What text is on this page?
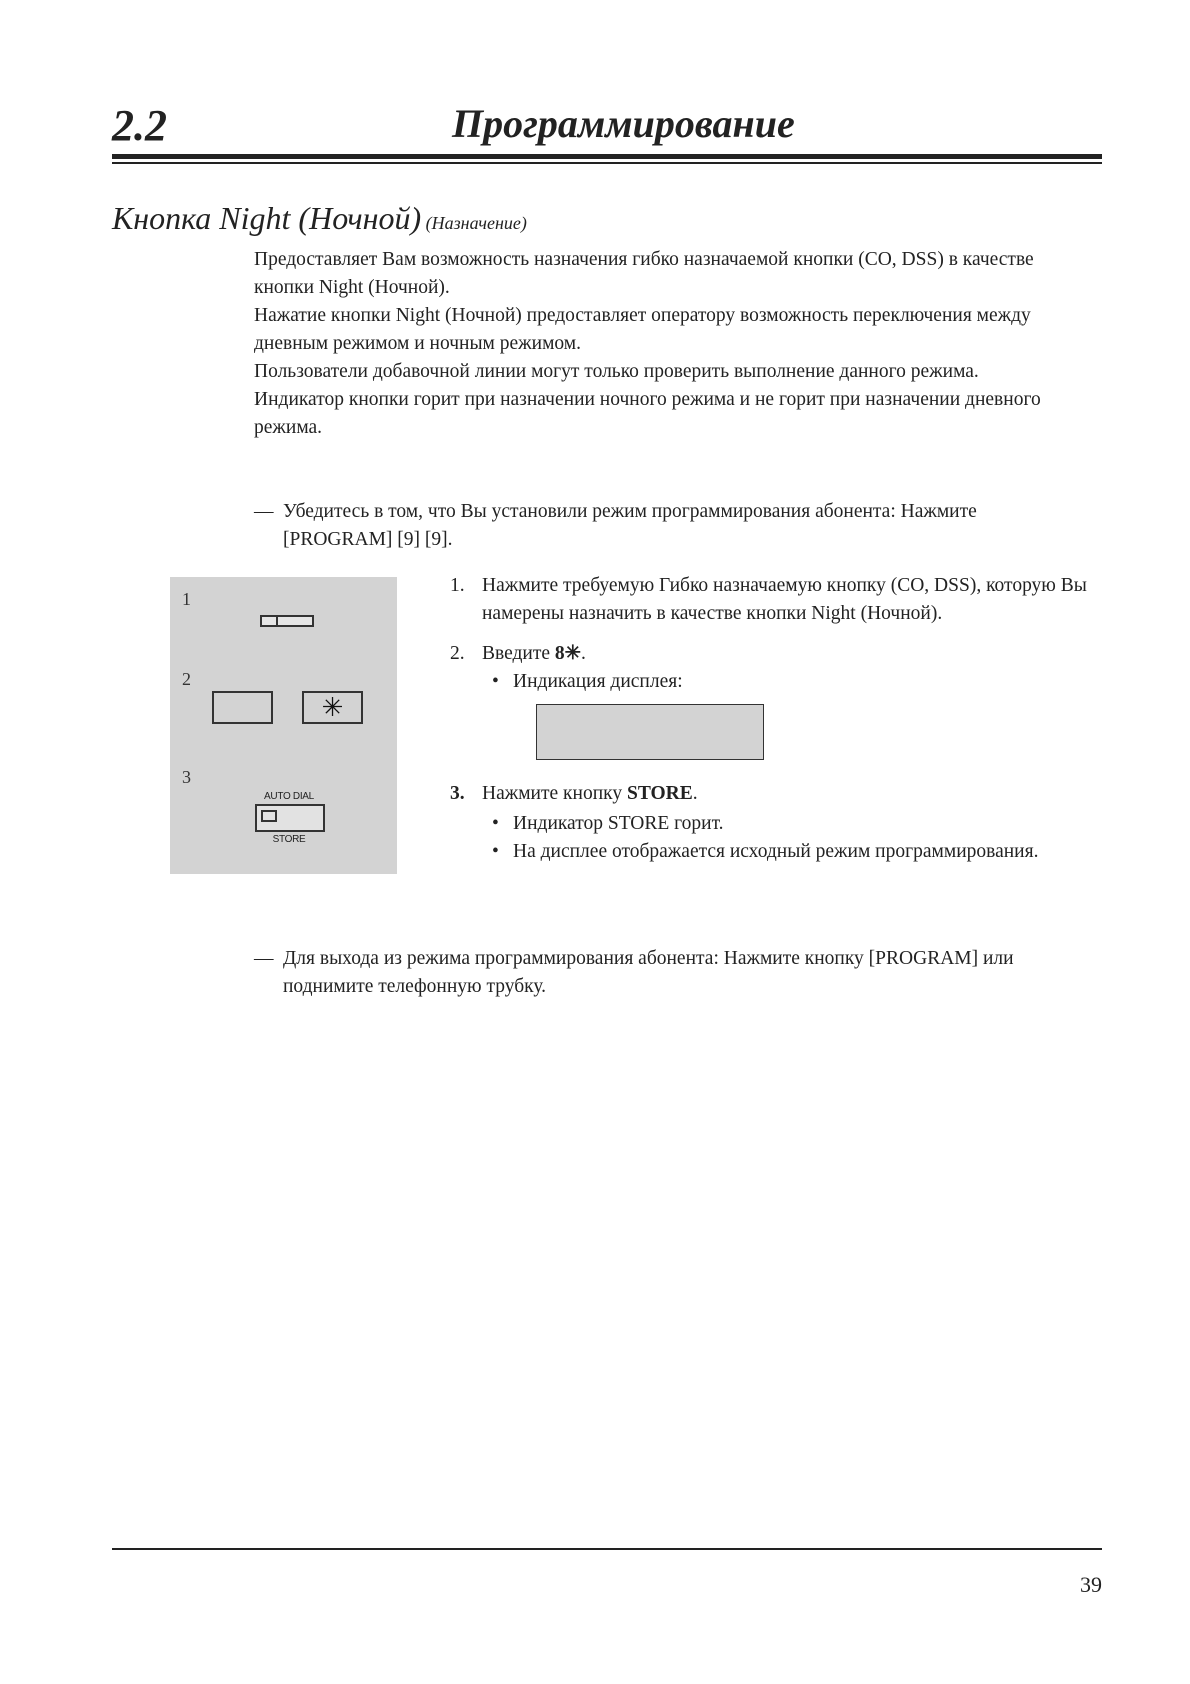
2.2	Программирование
Кнопка Night (Ночной) (Назначение)

Предоставляет Вам возможность назначения гибко назначаемой кнопки (CO, DSS) в качестве кнопки Night (Ночной).

Нажатие кнопки Night (Ночной) предоставляет оператору возможность переключения между дневным режимом и ночным режимом.

Пользователи добавочной линии могут только проверить выполнение данного режима.

Индикатор кнопки горит при назначении ночного режима и не горит при назначении дневного режима.

— Убедитесь в том, что Вы установили режим программирования абонента: Нажмите [PROGRAM] [9] [9].
1
2
✳
3
AUTO DIAL
STORE
1. Нажмите требуемую Гибко назначаемую кнопку (CO, DSS), которую Вы намерены назначить в качестве кнопки Night (Ночной).
2. Введите 8✳.
• Индикация дисплея:
3. Нажмите кнопку STORE.
• Индикатор STORE горит.
• На дисплее отображается исходный режим программирования.
— Для выхода из режима программирования абонента: Нажмите кнопку [PROGRAM] или поднимите телефонную трубку.
39
